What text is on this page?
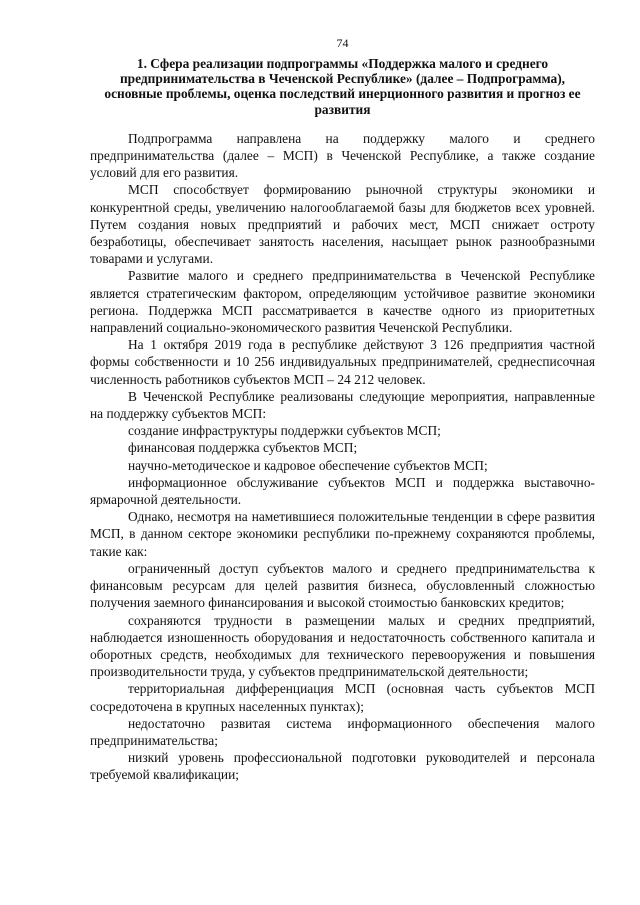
74
1. Сфера реализации подпрограммы «Поддержка малого и среднего предпринимательства в Чеченской Республике» (далее – Подпрограмма), основные проблемы, оценка последствий инерционного развития и прогноз ее развития

Подпрограмма направлена на поддержку малого и среднего предпринимательства (далее – МСП) в Чеченской Республике, а также создание условий для его развития.

МСП способствует формированию рыночной структуры экономики и конкурентной среды, увеличению налогооблагаемой базы для бюджетов всех уровней. Путем создания новых предприятий и рабочих мест, МСП снижает остроту безработицы, обеспечивает занятость населения, насыщает рынок разнообразными товарами и услугами.

Развитие малого и среднего предпринимательства в Чеченской Республике является стратегическим фактором, определяющим устойчивое развитие экономики региона. Поддержка МСП рассматривается в качестве одного из приоритетных направлений социально-экономического развития Чеченской Республики.

На 1 октября 2019 года в республике действуют 3 126 предприятия частной формы собственности и 10 256 индивидуальных предпринимателей, среднесписочная численность работников субъектов МСП – 24 212 человек.

В Чеченской Республике реализованы следующие мероприятия, направленные на поддержку субъектов МСП:

создание инфраструктуры поддержки субъектов МСП;

финансовая поддержка субъектов МСП;

научно-методическое и кадровое обеспечение субъектов МСП;

информационное обслуживание субъектов МСП и поддержка выставочно-ярмарочной деятельности.

Однако, несмотря на наметившиеся положительные тенденции в сфере развития МСП, в данном секторе экономики республики по-прежнему сохраняются проблемы, такие как:

ограниченный доступ субъектов малого и среднего предпринимательства к финансовым ресурсам для целей развития бизнеса, обусловленный сложностью получения заемного финансирования и высокой стоимостью банковских кредитов;

сохраняются трудности в размещении малых и средних предприятий, наблюдается изношенность оборудования и недостаточность собственного капитала и оборотных средств, необходимых для технического перевооружения и повышения производительности труда, у субъектов предпринимательской деятельности;

территориальная дифференциация МСП (основная часть субъектов МСП сосредоточена в крупных населенных пунктах);

недостаточно развитая система информационного обеспечения малого предпринимательства;

низкий уровень профессиональной подготовки руководителей и персонала требуемой квалификации;
